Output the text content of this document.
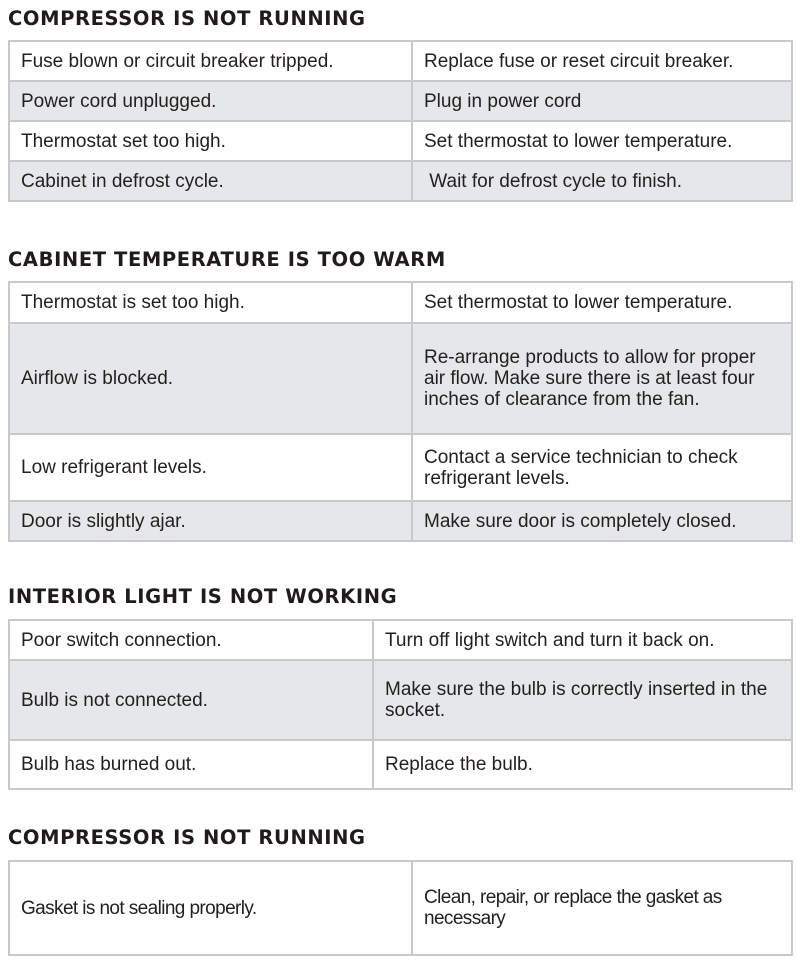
COMPRESSOR IS NOT RUNNING
Fuse blown or circuit breaker tripped.	Replace fuse or reset circuit breaker.
Power cord unplugged.	Plug in power cord
Thermostat set too high.	Set thermostat to lower temperature.
Cabinet in defrost cycle.	Wait for defrost cycle to finish.
CABINET TEMPERATURE IS TOO WARM
Thermostat is set too high.	Set thermostat to lower temperature.
Airflow is blocked.	Re-arrange products to allow for proper air flow. Make sure there is at least four inches of clearance from the fan.
Low refrigerant levels.	Contact a service technician to check refrigerant levels.
Door is slightly ajar.	Make sure door is completely closed.
INTERIOR LIGHT IS NOT WORKING
Poor switch connection.	Turn off light switch and turn it back on.
Bulb is not connected.	Make sure the bulb is correctly inserted in the socket.
Bulb has burned out.	Replace the bulb.
COMPRESSOR IS NOT RUNNING
Gasket is not sealing properly.	Clean, repair, or replace the gasket as necessary
